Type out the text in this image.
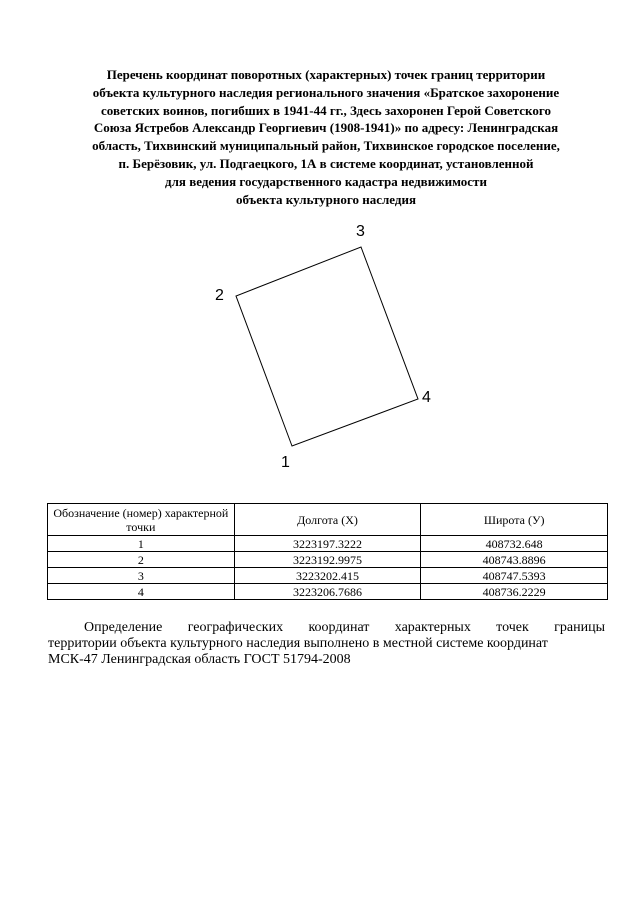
Перечень координат поворотных (характерных) точек границ территории
объекта культурного наследия регионального значения «Братское захоронение
советских воинов, погибших в 1941-44 гг., Здесь захоронен Герой Советского
Союза Ястребов Александр Георгиевич (1908-1941)» по адресу: Ленинградская
область, Тихвинский муниципальный район, Тихвинское городское поселение,
п. Берёзовик, ул. Подгаецкого, 1А в системе координат, установленной
для ведения государственного кадастра недвижимости
объекта культурного наследия
1
2
3
4
Обозначение (номер) характерной точки	Долгота (X)	Широта (У)
1	3223197.3222	408732.648
2	3223192.9975	408743.8896
3	3223202.415	408747.5393
4	3223206.7686	408736.2229
Определение географических координат характерных точек границы
территории объекта культурного наследия выполнено в местной системе координат
МСК-47 Ленинградская область ГОСТ 51794-2008
